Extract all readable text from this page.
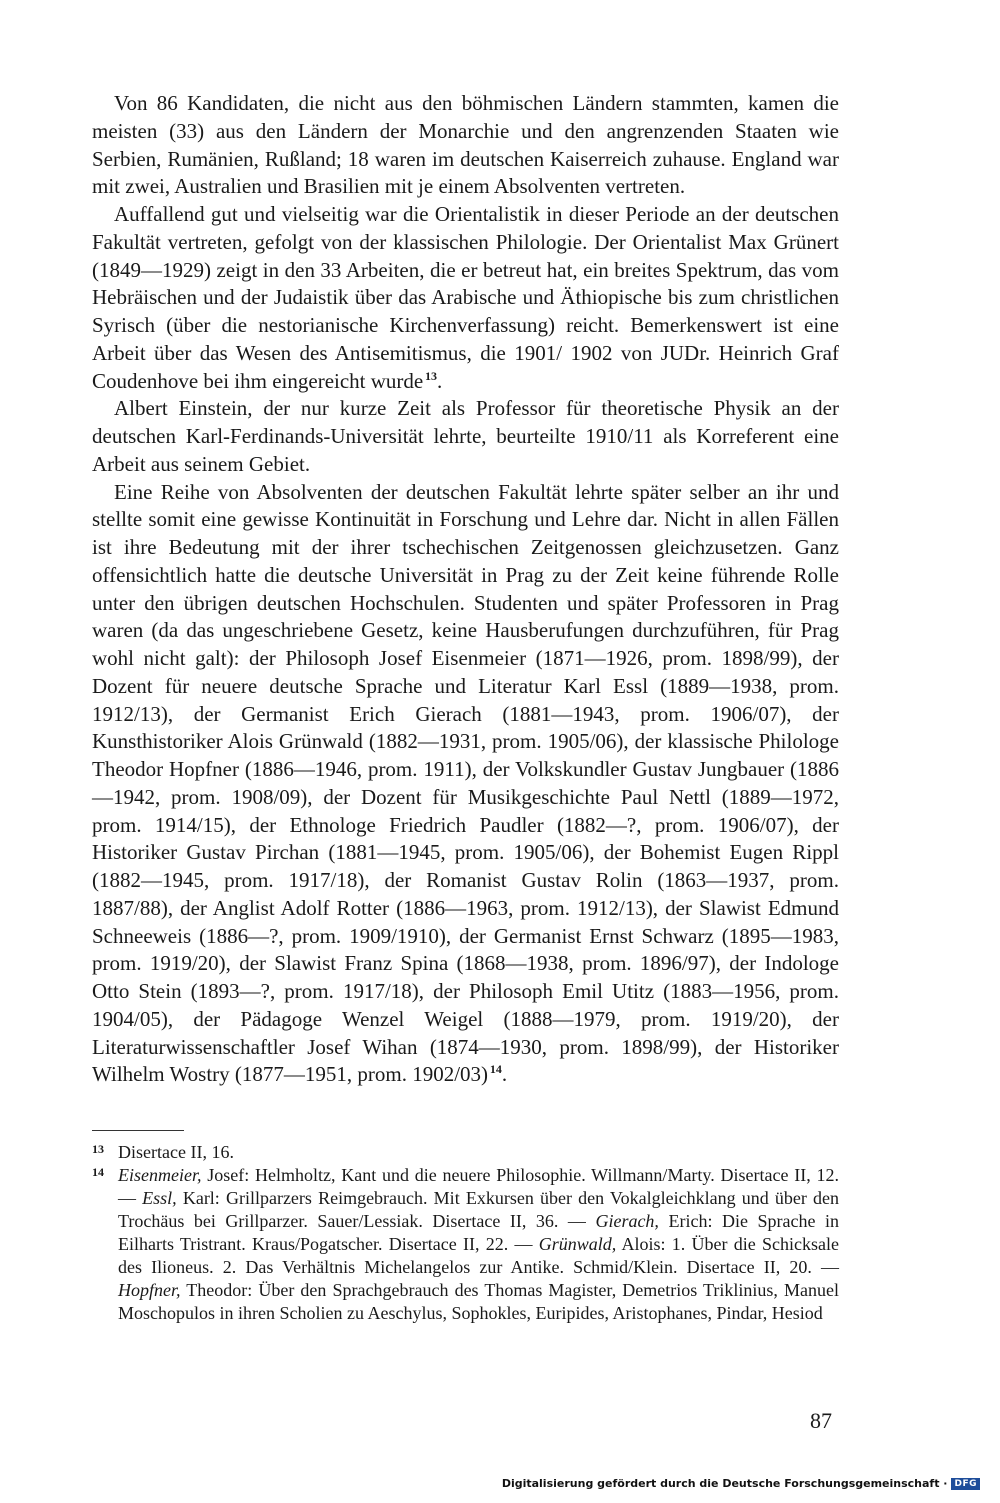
Von 86 Kandidaten, die nicht aus den böhmischen Ländern stammten, kamen die meisten (33) aus den Ländern der Monarchie und den angrenzenden Staaten wie Serbien, Rumänien, Rußland; 18 waren im deutschen Kaiserreich zuhause. England war mit zwei, Australien und Brasilien mit je einem Absolventen vertreten.

Auffallend gut und vielseitig war die Orientalistik in dieser Periode an der deutschen Fakultät vertreten, gefolgt von der klassischen Philologie. Der Orientalist Max Grünert (1849—1929) zeigt in den 33 Arbeiten, die er betreut hat, ein breites Spektrum, das vom Hebräischen und der Judaistik über das Arabische und Äthiopische bis zum christlichen Syrisch (über die nestorianische Kirchenverfassung) reicht. Bemerkenswert ist eine Arbeit über das Wesen des Antisemitismus, die 1901/ 1902 von JUDr. Heinrich Graf Coudenhove bei ihm eingereicht wurde  $^{13}$.

Albert Einstein, der nur kurze Zeit als Professor für theoretische Physik an der deutschen Karl-Ferdinands-Universität lehrte, beurteilte 1910/11 als Korreferent eine Arbeit aus seinem Gebiet.

Eine Reihe von Absolventen der deutschen Fakultät lehrte später selber an ihr und stellte somit eine gewisse Kontinuität in Forschung und Lehre dar. Nicht in allen Fällen ist ihre Bedeutung mit der ihrer tschechischen Zeitgenossen gleichzusetzen. Ganz offensichtlich hatte die deutsche Universität in Prag zu der Zeit keine führende Rolle unter den übrigen deutschen Hochschulen. Studenten und später Professoren in Prag waren (da das ungeschriebene Gesetz, keine Hausberufungen durchzuführen, für Prag wohl nicht galt): der Philosoph Josef Eisenmeier (1871—1926, prom. 1898/99), der Dozent für neuere deutsche Sprache und Literatur Karl Essl (1889—1938, prom. 1912/13), der Germanist Erich Gierach (1881—1943, prom. 1906/07), der Kunsthistoriker Alois Grünwald (1882—1931, prom. 1905/06), der klassische Philologe Theodor Hopfner (1886—1946, prom. 1911), der Volkskundler Gustav Jungbauer (1886—1942, prom. 1908/09), der Dozent für Musikgeschichte Paul Nettl (1889—1972, prom. 1914/15), der Ethnologe Friedrich Paudler (1882—?, prom. 1906/07), der Historiker Gustav Pirchan (1881—1945, prom. 1905/06), der Bohemist Eugen Rippl (1882—1945, prom. 1917/18), der Romanist Gustav Rolin (1863—1937, prom. 1887/88), der Anglist Adolf Rotter (1886—1963, prom. 1912/13), der Slawist Edmund Schneeweis (1886—?, prom. 1909/1910), der Germanist Ernst Schwarz (1895—1983, prom. 1919/20), der Slawist Franz Spina (1868—1938, prom. 1896/97), der Indologe Otto Stein (1893—?, prom. 1917/18), der Philosoph Emil Utitz (1883—1956, prom. 1904/05), der Pädagoge Wenzel Weigel (1888—1979, prom. 1919/20), der Literaturwissenschaftler Josef Wihan (1874—1930, prom. 1898/99), der Historiker Wilhelm Wostry (1877—1951, prom. 1902/03)  $^{14}$.

13 Disertace II, 16.
14 Eisenmeier, Josef: Helmholtz, Kant und die neuere Philosophie. Willmann/Marty. Disertace II, 12. — Essl, Karl: Grillparzers Reimgebrauch. Mit Exkursen über den Vokalgleichklang und über den Trochäus bei Grillparzer. Sauer/Lessiak. Disertace II, 36. — Gierach, Erich: Die Sprache in Eilharts Tristrant. Kraus/Pogatscher. Disertace II, 22. — Grünwald, Alois: 1. Über die Schicksale des Ilioneus. 2. Das Verhältnis Michelangelos zur Antike. Schmid/Klein. Disertace II, 20. — Hopfner, Theodor: Über den Sprachgebrauch des Thomas Magister, Demetrios Triklinius, Manuel Moschopulos in ihren Scholien zu Aeschylus, Sophokles, Euripides, Aristophanes, Pindar, Hesiod
87
Digitalisierung gefördert durch die Deutsche Forschungsgemeinschaft · DFG
